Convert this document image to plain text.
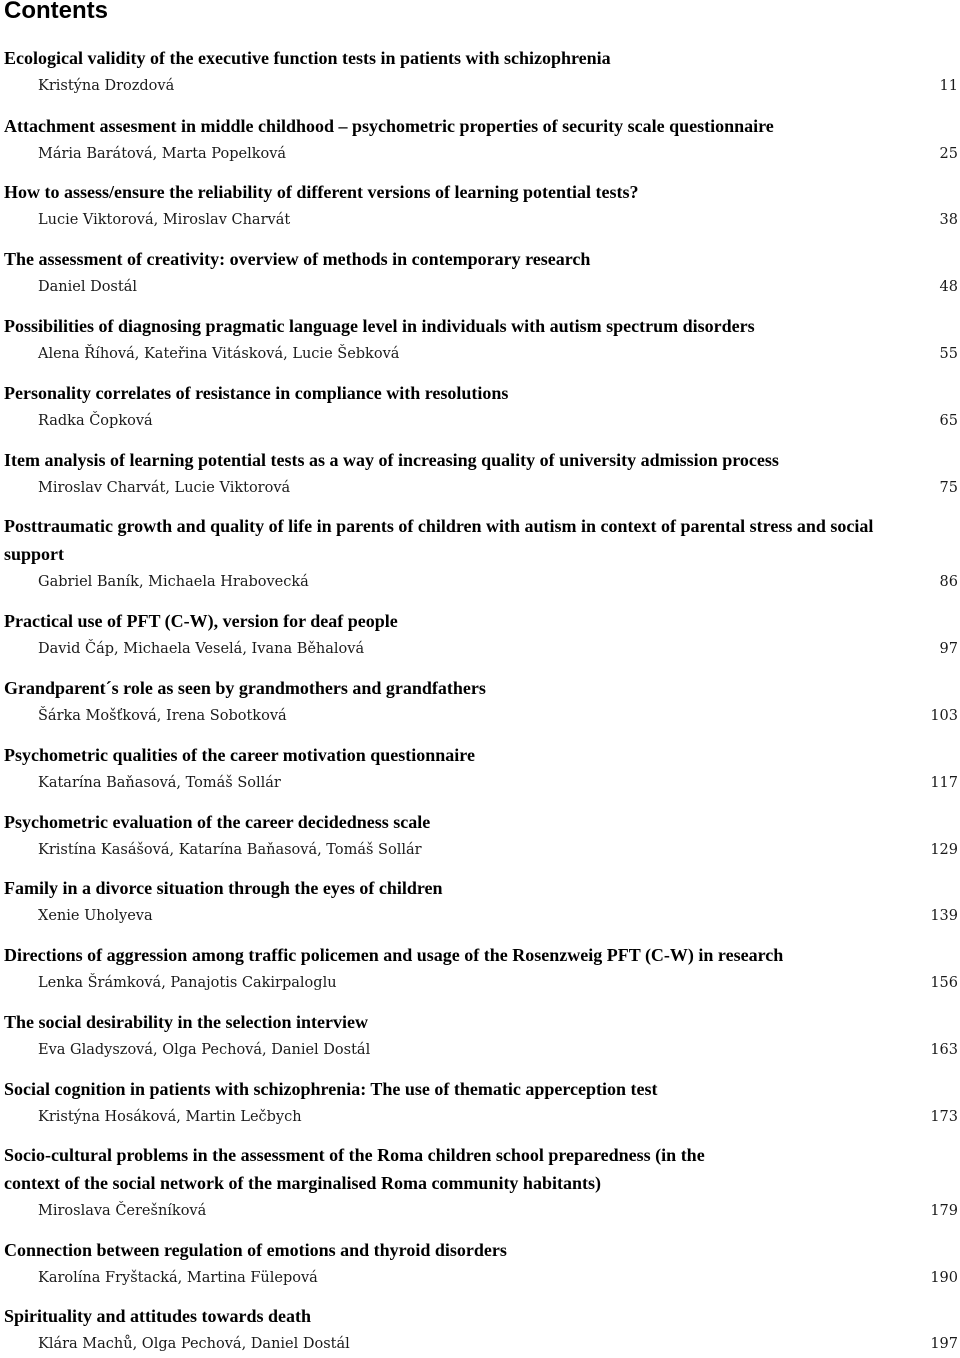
Contents
Ecological validity of the executive function tests in patients with schizophrenia
Kristýna Drozdová	11
Attachment assesment in middle childhood – psychometric properties of security scale questionnaire
Mária Barátová, Marta Popelková	25
How to assess/ensure the reliability of different versions of learning potential tests?
Lucie Viktorová, Miroslav Charvát	38
The assessment of creativity: overview of methods in contemporary research
Daniel Dostál	48
Possibilities of diagnosing pragmatic language level in individuals with autism spectrum disorders
Alena Říhová, Kateřina Vitásková, Lucie Šebková	55
Personality correlates of resistance in compliance with resolutions
Radka Čopková	65
Item analysis of learning potential tests as a way of increasing quality of university admission process
Miroslav Charvát, Lucie Viktorová	75
Posttraumatic growth and quality of life in parents of children with autism in context of parental stress and social support
Gabriel Baník, Michaela Hrabovecká	86
Practical use of PFT (C-W), version for deaf people
David Čáp, Michaela Veselá, Ivana Běhalová	97
Grandparent´s role as seen by grandmothers and grandfathers
Šárka Mošťková, Irena Sobotková	103
Psychometric qualities of the career motivation questionnaire
Katarína Baňasová, Tomáš Sollár	117
Psychometric evaluation of the career decidedness scale
Kristína Kasášová, Katarína Baňasová, Tomáš Sollár	129
Family in a divorce situation through the eyes of children
Xenie Uholyeva	139
Directions of aggression among traffic policemen and usage of the Rosenzweig PFT (C-W) in research
Lenka Šrámková, Panajotis Cakirpaloglu	156
The social desirability in the selection interview
Eva Gladyszová, Olga Pechová, Daniel Dostál	163
Social cognition in patients with schizophrenia: The use of thematic apperception test
Kristýna Hosáková, Martin Lečbych	173
Socio-cultural problems in the assessment of the Roma children school preparedness (in the context of the social network of the marginalised Roma community habitants)
Miroslava Čerešníková	179
Connection between regulation of emotions and thyroid disorders
Karolína Fryštacká, Martina Fülepová	190
Spirituality and attitudes towards death
Klára Machů, Olga Pechová, Daniel Dostál	197
